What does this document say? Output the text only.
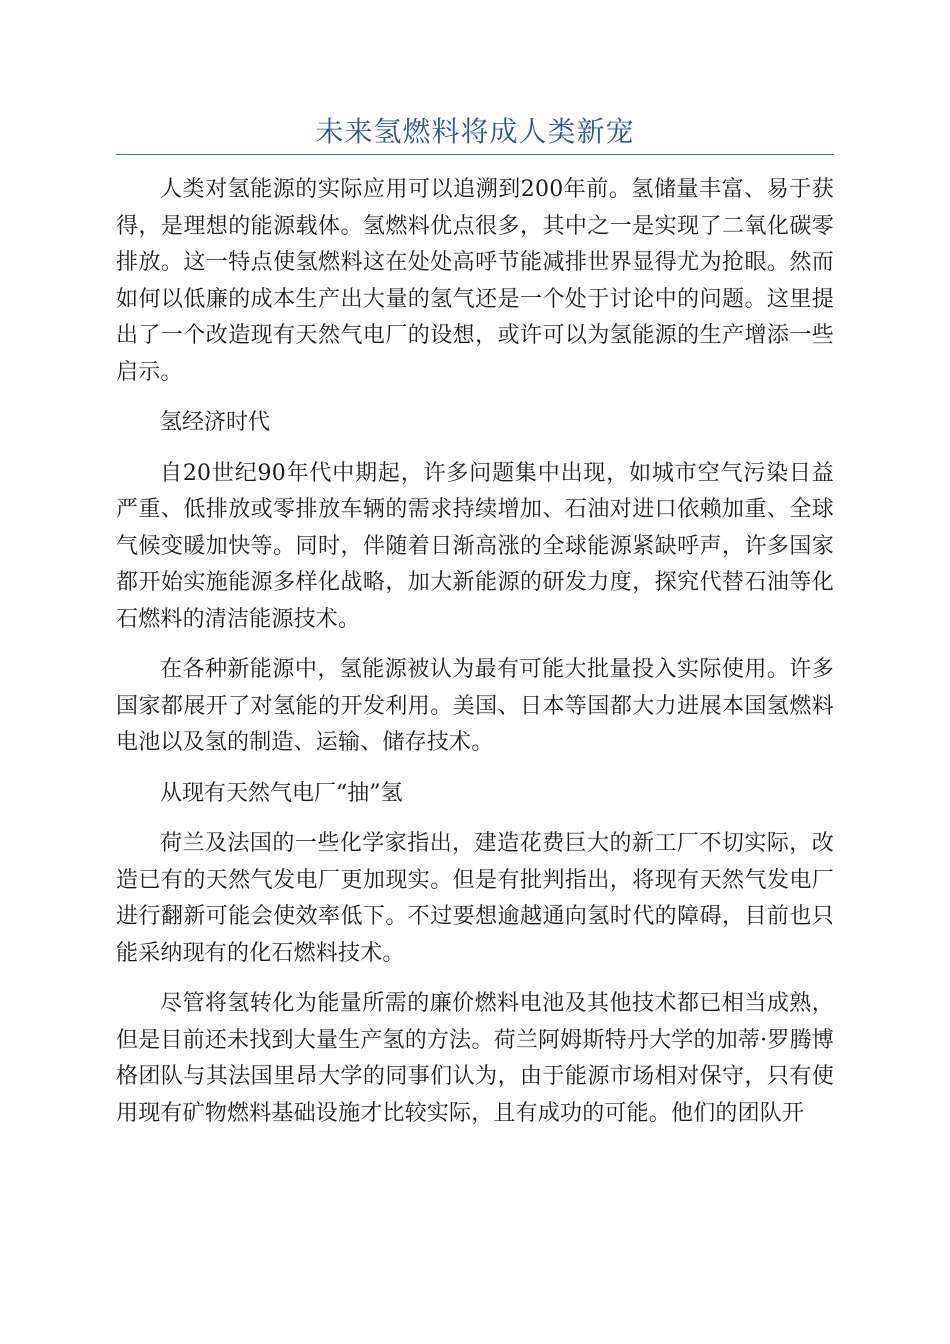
未来氢燃料将成人类新宠

人类对氢能源的实际应用可以追溯到200年前。氢储量丰富、易于获得，是理想的能源载体。氢燃料优点很多，其中之一是实现了二氧化碳零排放。这一特点使氢燃料这在处处高呼节能减排世界显得尤为抢眼。然而如何以低廉的成本生产出大量的氢气还是一个处于讨论中的问题。这里提出了一个改造现有天然气电厂的设想，或许可以为氢能源的生产增添一些启示。

氢经济时代

自20世纪90年代中期起，许多问题集中出现，如城市空气污染日益严重、低排放或零排放车辆的需求持续增加、石油对进口依赖加重、全球气候变暖加快等。同时，伴随着日渐高涨的全球能源紧缺呼声，许多国家都开始实施能源多样化战略，加大新能源的研发力度，探究代替石油等化石燃料的清洁能源技术。

在各种新能源中，氢能源被认为最有可能大批量投入实际使用。许多国家都展开了对氢能的开发利用。美国、日本等国都大力进展本国氢燃料电池以及氢的制造、运输、储存技术。

从现有天然气电厂“抽”氢

荷兰及法国的一些化学家指出，建造花费巨大的新工厂不切实际，改造已有的天然气发电厂更加现实。但是有批判指出，将现有天然气发电厂进行翻新可能会使效率低下。不过要想逾越通向氢时代的障碍，目前也只能采纳现有的化石燃料技术。

尽管将氢转化为能量所需的廉价燃料电池及其他技术都已相当成熟，但是目前还未找到大量生产氢的方法。荷兰阿姆斯特丹大学的加蒂·罗腾博格团队与其法国里昂大学的同事们认为，由于能源市场相对保守，只有使用现有矿物燃料基础设施才比较实际，且有成功的可能。他们的团队开
